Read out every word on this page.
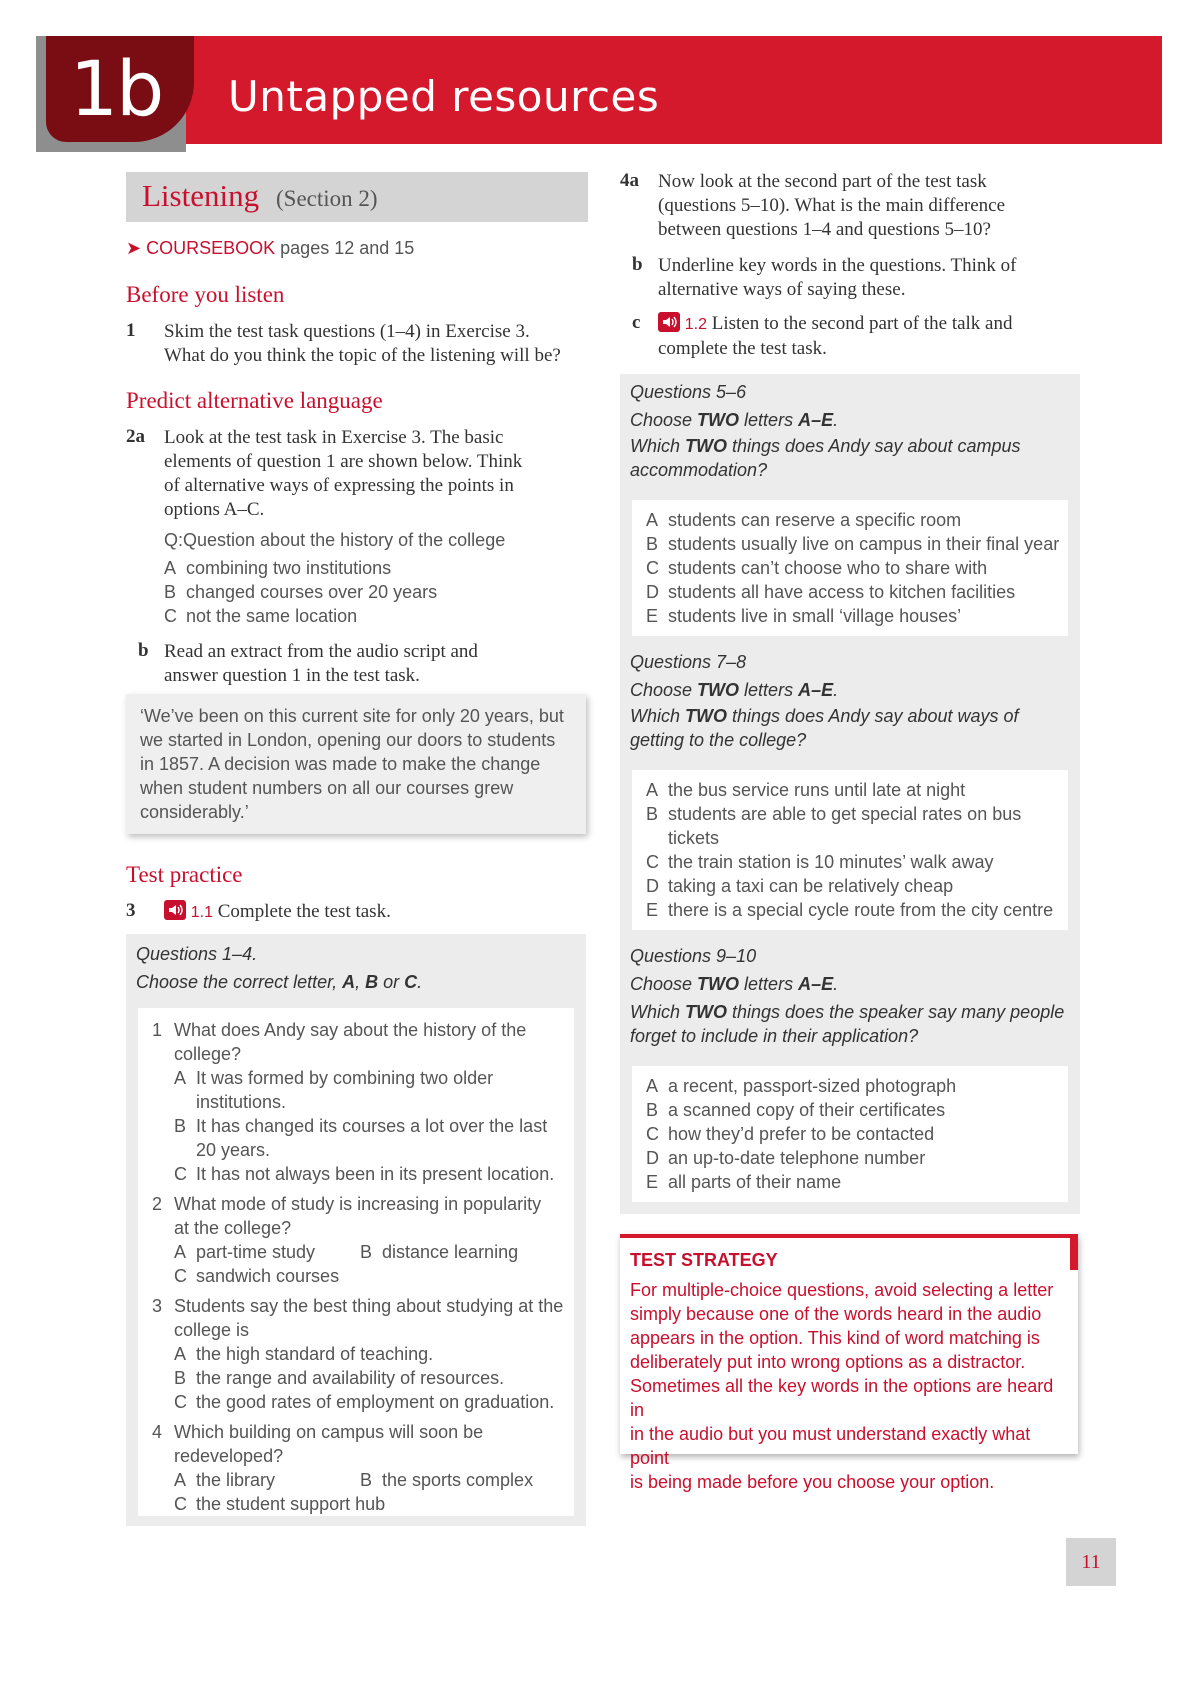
1b	Untapped resources
Listening (Section 2)
➤ COURSEBOOK pages 12 and 15
Before you listen
1 Skim the test task questions (1–4) in Exercise 3.
What do you think the topic of the listening will be?
Predict alternative language
2a Look at the test task in Exercise 3. The basic
elements of question 1 are shown below. Think
of alternative ways of expressing the points in
options A–C.
Q:Question about the history of the college
A combining two institutions
B changed courses over 20 years
C not the same location
b Read an extract from the audio script and
answer question 1 in the test task.
‘We’ve been on this current site for only 20 years, but
we started in London, opening our doors to students
in 1857. A decision was made to make the change
when student numbers on all our courses grew
considerably.’
Test practice
3	1.1 Complete the test task.
Questions 1–4.
Choose the correct letter, A, B or C.
1 What does Andy say about the history of the
college?
A It was formed by combining two older
institutions.
B It has changed its courses a lot over the last
20 years.
C It has not always been in its present location.
2 What mode of study is increasing in popularity
at the college?
A part-time study B distance learning
C sandwich courses
3 Students say the best thing about studying at the
college is
A the high standard of teaching.
B the range and availability of resources.
C the good rates of employment on graduation.
4 Which building on campus will soon be
redeveloped?
A the library	B the sports complex
C the student support hub
4a Now look at the second part of the test task
(questions 5–10). What is the main difference
between questions 1–4 and questions 5–10?
b Underline key words in the questions. Think of
alternative ways of saying these.
c	1.2 Listen to the second part of the talk and
complete the test task.
Questions 5–6
Choose TWO letters A–E.
Which TWO things does Andy say about campus
accommodation?
A students can reserve a specific room
B students usually live on campus in their final year
C students can’t choose who to share with
D students all have access to kitchen facilities
E students live in small ‘village houses’
Questions 7–8
Choose TWO letters A–E.
Which TWO things does Andy say about ways of
getting to the college?
A the bus service runs until late at night
B students are able to get special rates on bus
tickets
C the train station is 10 minutes’ walk away
D taking a taxi can be relatively cheap
E there is a special cycle route from the city centre
Questions 9–10
Choose TWO letters A–E.
Which TWO things does the speaker say many people
forget to include in their application?
A a recent, passport-sized photograph
B a scanned copy of their certificates
C how they’d prefer to be contacted
D an up-to-date telephone number
E all parts of their name
TEST STRATEGY
For multiple-choice questions, avoid selecting a letter
simply because one of the words heard in the audio
appears in the option. This kind of word matching is
deliberately put into wrong options as a distractor.
Sometimes all the key words in the options are heard in
in the audio but you must understand exactly what point
is being made before you choose your option.
11
